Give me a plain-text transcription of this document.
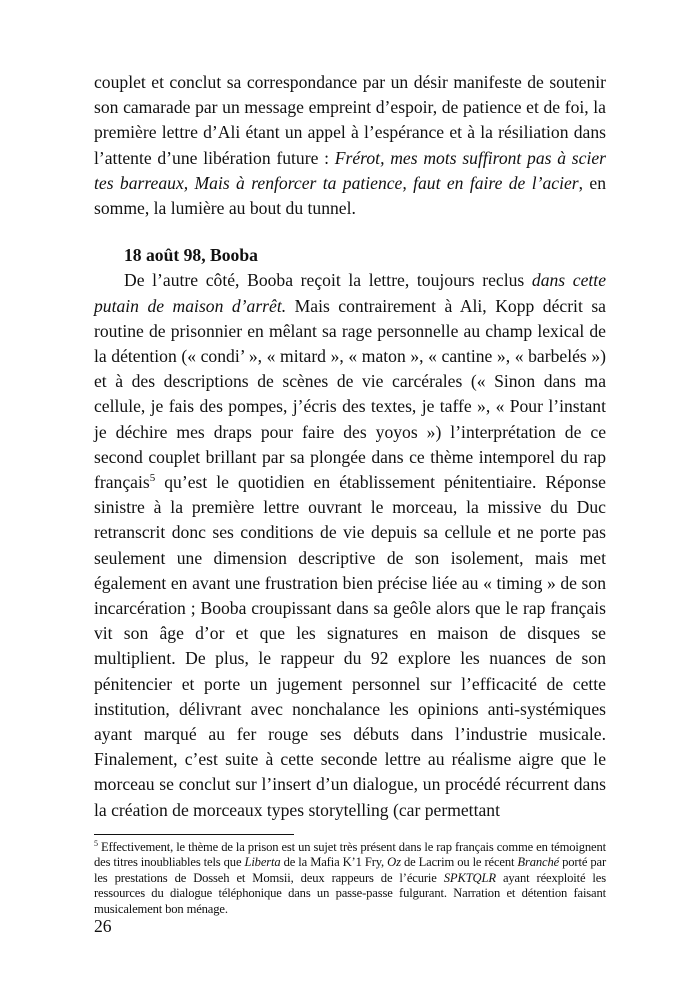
couplet et conclut sa correspondance par un désir manifeste de soutenir son camarade par un message empreint d’espoir, de patience et de foi, la première lettre d’Ali étant un appel à l’espérance et à la résiliation dans l’attente d’une libération future : Frérot, mes mots suffiront pas à scier tes barreaux, Mais à renforcer ta patience, faut en faire de l’acier, en somme, la lumière au bout du tunnel.

18 août 98, Booba

De l’autre côté, Booba reçoit la lettre, toujours reclus dans cette putain de maison d’arrêt. Mais contrairement à Ali, Kopp décrit sa routine de prisonnier en mêlant sa rage personnelle au champ lexical de la détention (« condi’ », « mitard », « maton », « cantine », « barbelés ») et à des descriptions de scènes de vie carcérales (« Sinon dans ma cellule, je fais des pompes, j’écris des textes, je taffe », « Pour l’instant je déchire mes draps pour faire des yoyos ») l’interprétation de ce second couplet brillant par sa plongée dans ce thème intemporel du rap français$^5$ qu’est le quotidien en établissement pénitentiaire. Réponse sinistre à la première lettre ouvrant le morceau, la missive du Duc retranscrit donc ses conditions de vie depuis sa cellule et ne porte pas seulement une dimension descriptive de son isolement, mais met également en avant une frustration bien précise liée au « timing » de son incarcération ; Booba croupissant dans sa geôle alors que le rap français vit son âge d’or et que les signatures en maison de disques se multiplient. De plus, le rappeur du 92 explore les nuances de son pénitencier et porte un jugement personnel sur l’efficacité de cette institution, délivrant avec nonchalance les opinions anti-systémiques ayant marqué au fer rouge ses débuts dans l’industrie musicale. Finalement, c’est suite à cette seconde lettre au réalisme aigre que le morceau se conclut sur l’insert d’un dialogue, un procédé récurrent dans la création de morceaux types storytelling (car permettant

$^5$ Effectivement, le thème de la prison est un sujet très présent dans le rap français comme en témoignent des titres inoubliables tels que Liberta de la Mafia K’1 Fry, Oz de Lacrim ou le récent Branché porté par les prestations de Dosseh et Momsii, deux rappeurs de l’écurie SPKTQLR ayant réexploité les ressources du dialogue téléphonique dans un passe-passe fulgurant. Narration et détention faisant musicalement bon ménage.

26
